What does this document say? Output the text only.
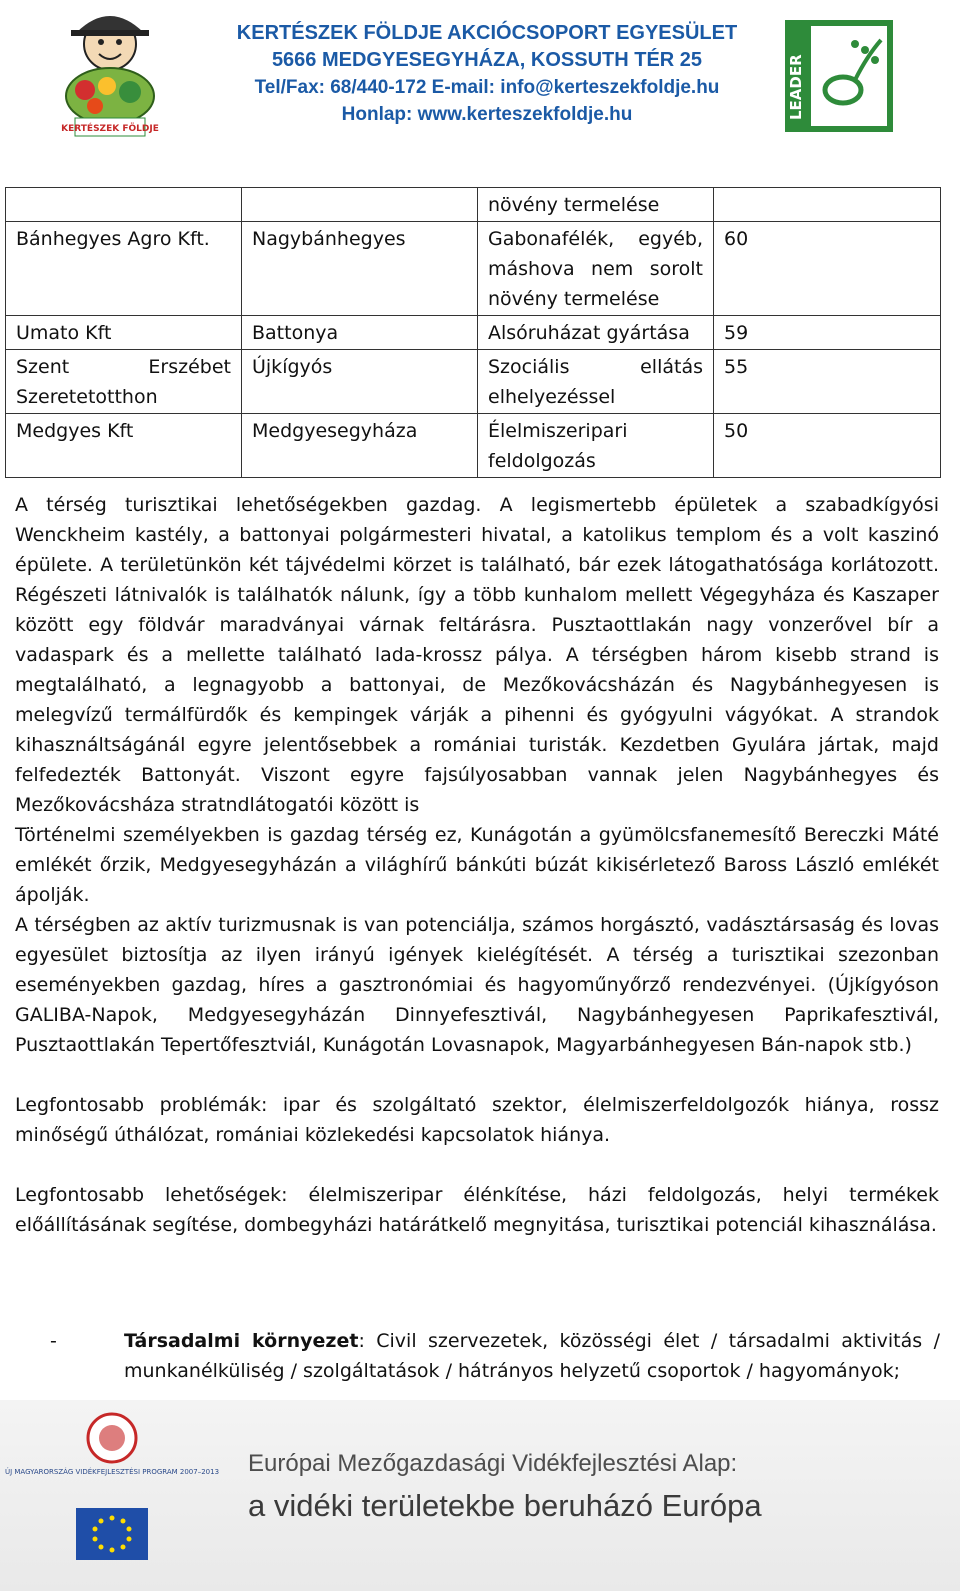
KERTÉSZEK FÖLDJE
KERTÉSZEK FÖLDJE AKCIÓCSOPORT EGYESÜLET
5666 MEDGYESEGYHÁZA, KOSSUTH TÉR 25
Tel/Fax: 68/440-172 E-mail: info@kerteszekfoldje.hu
Honlap: www.kerteszekfoldje.hu	LEADER
		növény termelése	
Bánhegyes Agro Kft.	Nagybánhegyes	Gabonafélék, egyéb, máshova nem sorolt növény termelése	60
Umato Kft	Battonya	Alsóruházat gyártása	59
Szent Erszébet Szeretetotthon	Újkígyós	Szociális ellátás elhelyezéssel	55
Medgyes Kft	Medgyesegyháza	Élelmiszeripari feldolgozás	50

A térség turisztikai lehetőségekben gazdag. A legismertebb épületek a szabadkígyósi Wenckheim kastély, a battonyai polgármesteri hivatal, a katolikus templom és a volt kaszinó épülete. A területünkön két tájvédelmi körzet is található, bár ezek látogathatósága korlátozott. Régészeti látnivalók is találhatók nálunk, így a több kunhalom mellett Végegyháza és Kaszaper között egy földvár maradványai várnak feltárásra. Pusztaottlakán nagy vonzerővel bír a vadaspark és a mellette található lada-krossz pálya. A térségben három kisebb strand is megtalálható, a legnagyobb a battonyai, de Mezőkovácsházán és Nagybánhegyesen is melegvízű termálfürdők és kempingek várják a pihenni és gyógyulni vágyókat. A strandok kihasználtságánál egyre jelentősebbek a romániai turisták. Kezdetben Gyulára jártak, majd felfedezték Battonyát. Viszont egyre fajsúlyosabban vannak jelen Nagybánhegyes és Mezőkovácsháza stratndlátogatói között is

Történelmi személyekben is gazdag térség ez, Kunágotán a gyümölcsfanemesítő Bereczki Máté emlékét őrzik, Medgyesegyházán a világhírű bánkúti búzát kikisérletező Baross László emlékét ápolják.

A térségben az aktív turizmusnak is van potenciálja, számos horgásztó, vadásztársaság és lovas egyesület biztosítja az ilyen irányú igények kielégítését. A térség a turisztikai szezonban eseményekben gazdag, híres a gasztronómiai és hagyoműnyőrző rendezvényei. (Újkígyóson GALIBA-Napok, Medgyesegyházán Dinnyefesztivál, Nagybánhegyesen Paprikafesztivál, Pusztaottlakán Tepertőfesztviál, Kunágotán Lovasnapok, Magyarbánhegyesen Bán-napok stb.)

Legfontosabb problémák: ipar és szolgáltató szektor, élelmiszerfeldolgozók hiánya, rossz minőségű úthálózat, romániai közlekedési kapcsolatok hiánya.

Legfontosabb lehetőségek: élelmiszeripar élénkítése, házi feldolgozás, helyi termékek előállításának segítése, dombegyházi határátkelő megnyitása, turisztikai potenciál kihasználása.

-	Társadalmi környezet: Civil szervezetek, közösségi élet / társadalmi aktivitás / munkanélküliség / szolgáltatások / hátrányos helyzetű csoportok / hagyományok;
ÚJ MAGYARORSZÁG VIDÉKFEJLESZTÉSI PROGRAM 2007–2013 Európai Mezőgazdasági Vidékfejlesztési Alap:
a vidéki területekbe beruházó Európa
